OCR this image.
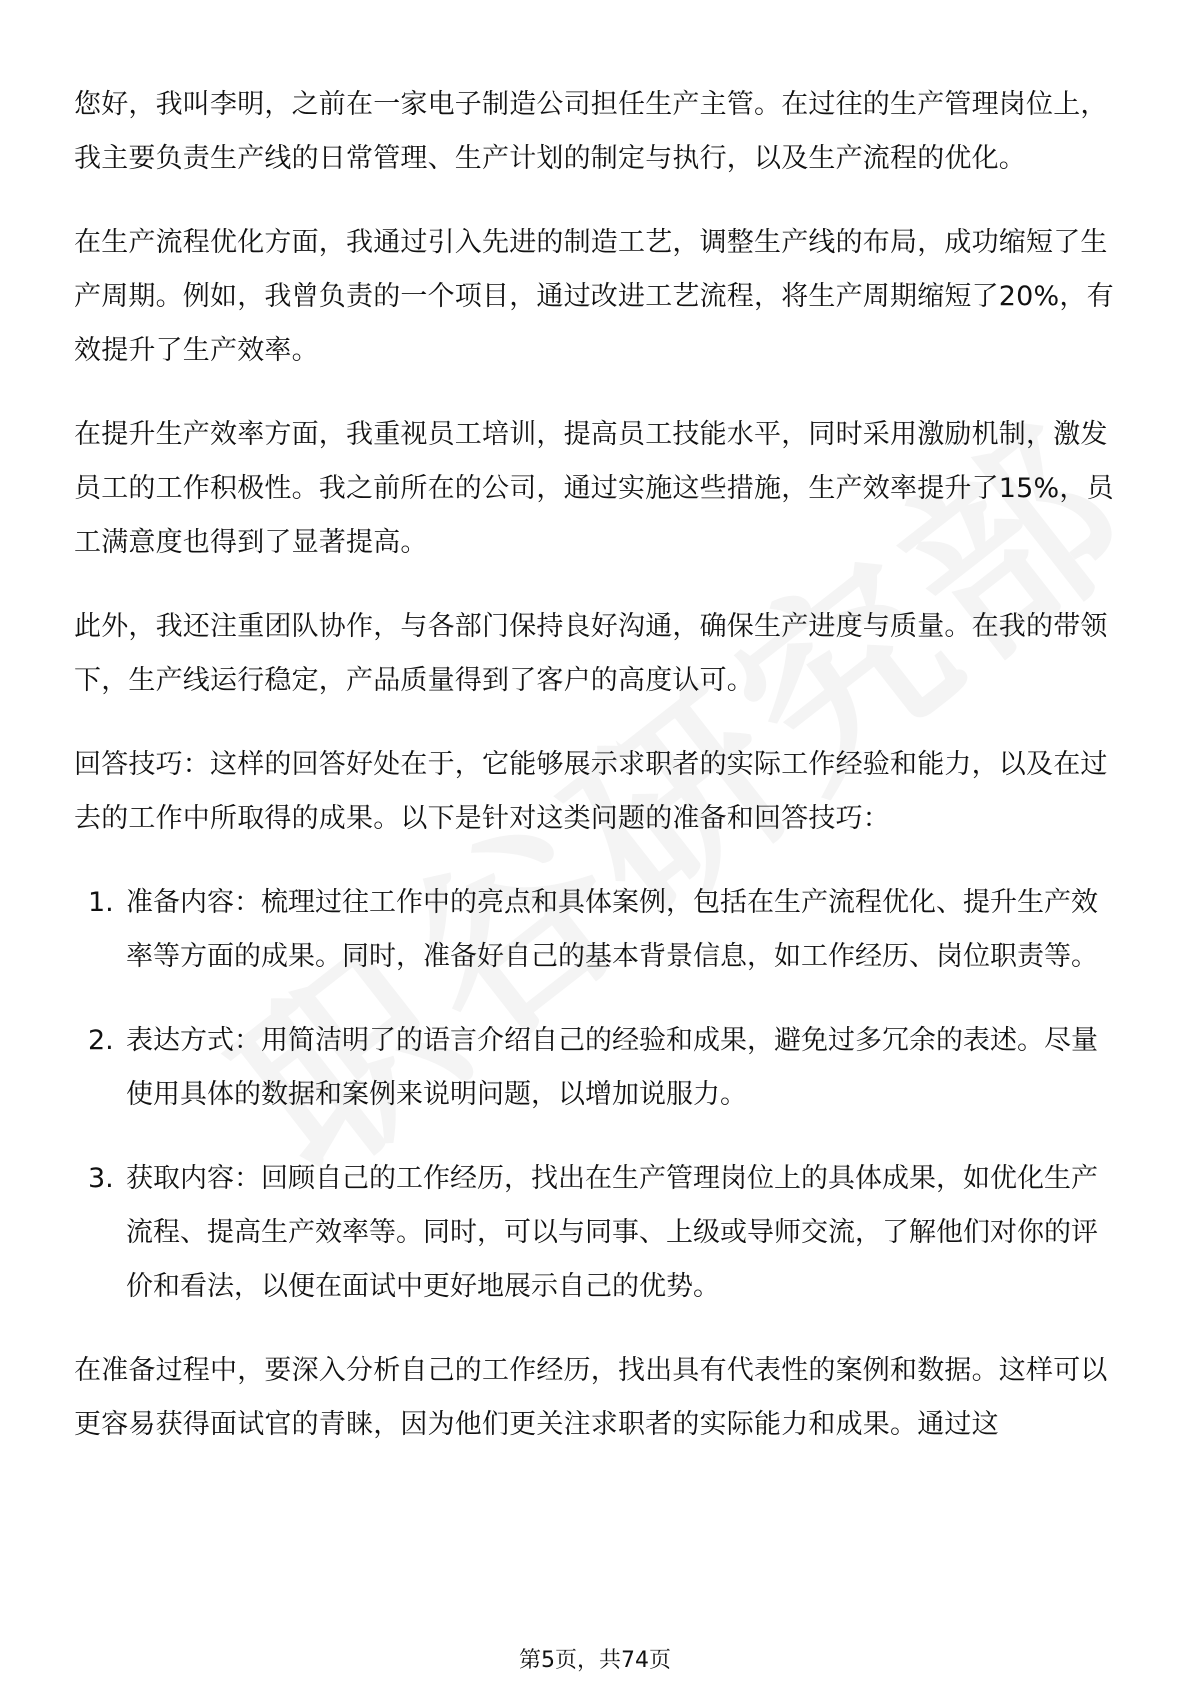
您好，我叫李明，之前在一家电子制造公司担任生产主管。在过往的生产管理岗位上，我主要负责生产线的日常管理、生产计划的制定与执行，以及生产流程的优化。

在生产流程优化方面，我通过引入先进的制造工艺，调整生产线的布局，成功缩短了生产周期。例如，我曾负责的一个项目，通过改进工艺流程，将生产周期缩短了20%，有效提升了生产效率。

在提升生产效率方面，我重视员工培训，提高员工技能水平，同时采用激励机制，激发员工的工作积极性。我之前所在的公司，通过实施这些措施，生产效率提升了15%，员工满意度也得到了显著提高。

此外，我还注重团队协作，与各部门保持良好沟通，确保生产进度与质量。在我的带领下，生产线运行稳定，产品质量得到了客户的高度认可。

回答技巧：这样的回答好处在于，它能够展示求职者的实际工作经验和能力，以及在过去的工作中所取得的成果。以下是针对这类问题的准备和回答技巧：

1. 准备内容：梳理过往工作中的亮点和具体案例，包括在生产流程优化、提升生产效率等方面的成果。同时，准备好自己的基本背景信息，如工作经历、岗位职责等。
2. 表达方式：用简洁明了的语言介绍自己的经验和成果，避免过多冗余的表述。尽量使用具体的数据和案例来说明问题，以增加说服力。
3. 获取内容：回顾自己的工作经历，找出在生产管理岗位上的具体成果，如优化生产流程、提高生产效率等。同时，可以与同事、上级或导师交流，了解他们对你的评价和看法，以便在面试中更好地展示自己的优势。

在准备过程中，要深入分析自己的工作经历，找出具有代表性的案例和数据。这样可以更容易获得面试官的青睐，因为他们更关注求职者的实际能力和成果。通过这

第5页，共74页
